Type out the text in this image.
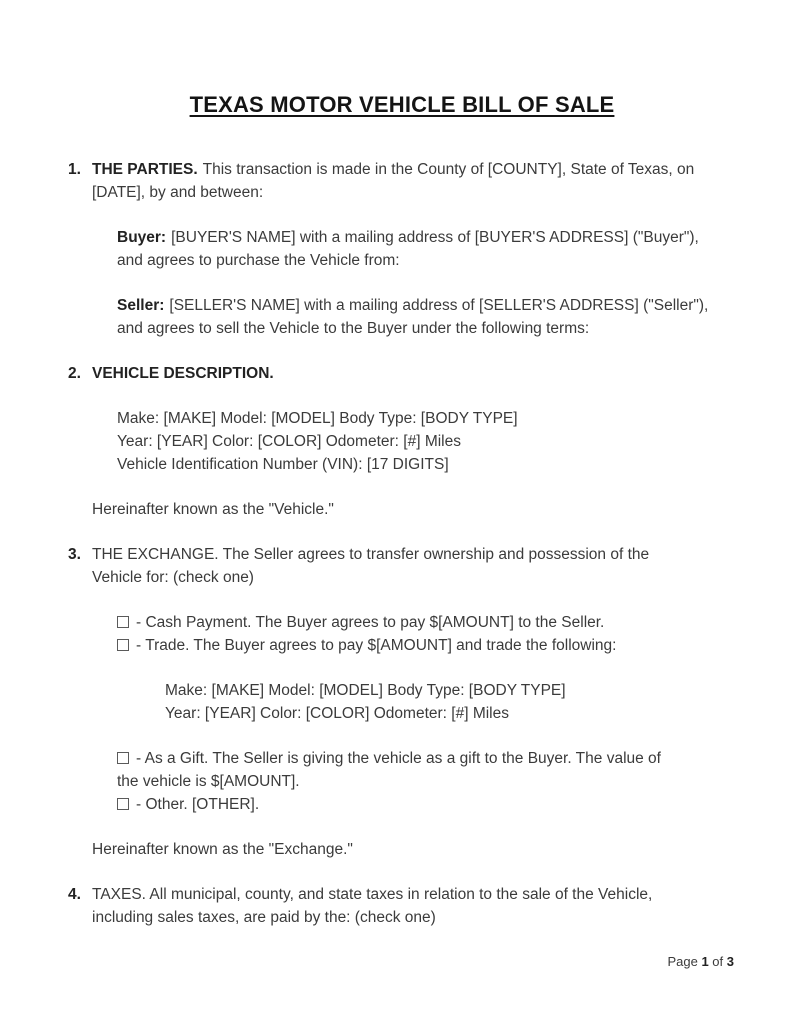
TEXAS MOTOR VEHICLE BILL OF SALE
1. THE PARTIES. This transaction is made in the County of [COUNTY], State of Texas, on
[DATE], by and between:
Buyer: [BUYER'S NAME] with a mailing address of [BUYER'S ADDRESS] ("Buyer"),
and agrees to purchase the Vehicle from:
Seller: [SELLER'S NAME] with a mailing address of [SELLER'S ADDRESS] ("Seller"),
and agrees to sell the Vehicle to the Buyer under the following terms:
2. VEHICLE DESCRIPTION.
Make: [MAKE] Model: [MODEL] Body Type: [BODY TYPE]
Year: [YEAR] Color: [COLOR] Odometer: [#] Miles
Vehicle Identification Number (VIN): [17 DIGITS]
Hereinafter known as the "Vehicle."
3. THE EXCHANGE. The Seller agrees to transfer ownership and possession of the
Vehicle for: (check one)
- Cash Payment. The Buyer agrees to pay $[AMOUNT] to the Seller.
- Trade. The Buyer agrees to pay $[AMOUNT] and trade the following:
Make: [MAKE] Model: [MODEL] Body Type: [BODY TYPE]
Year: [YEAR] Color: [COLOR] Odometer: [#] Miles
- As a Gift. The Seller is giving the vehicle as a gift to the Buyer. The value of
the vehicle is $[AMOUNT].
- Other. [OTHER].
Hereinafter known as the "Exchange."
4. TAXES. All municipal, county, and state taxes in relation to the sale of the Vehicle,
including sales taxes, are paid by the: (check one)
Page 1 of 3
